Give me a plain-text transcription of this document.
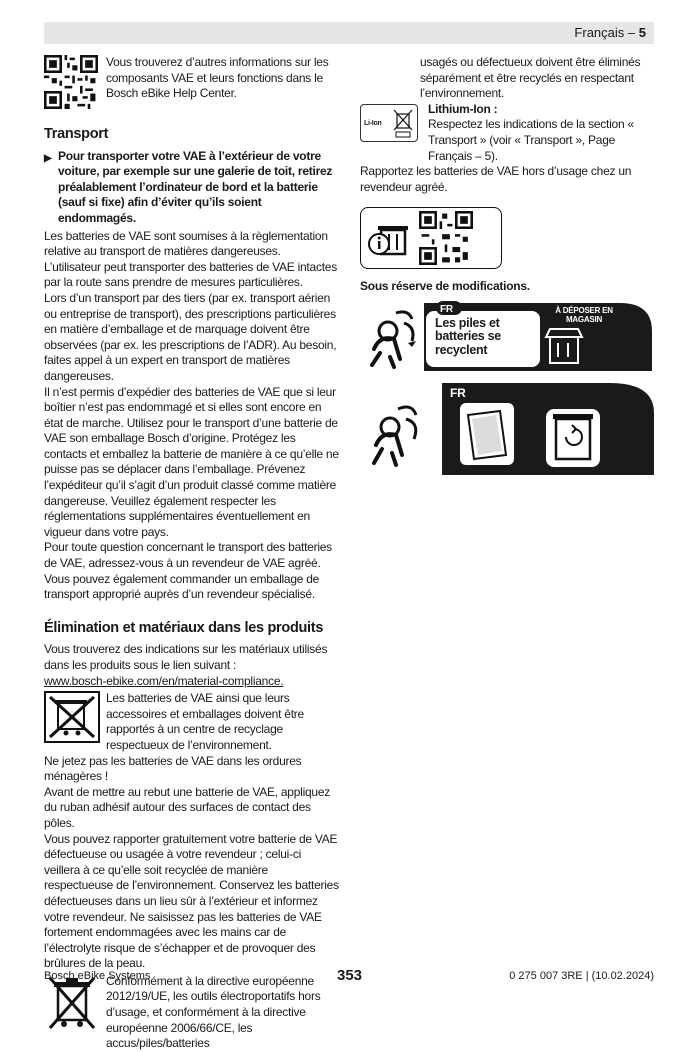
Français – 5

Vous trouverez d’autres informations sur les composants VAE et leurs fonctions dans le Bosch eBike Help Center.

Transport
▶ Pour transporter votre VAE à l’extérieur de votre voiture, par exemple sur une galerie de toit, retirez préalablement l’ordinateur de bord et la batterie (sauf si fixe) afin d’éviter qu’ils soient endommagés.

Les batteries de VAE sont soumises à la règlementation relative au transport de matières dangereuses. L’utilisateur peut transporter des batteries de VAE intactes par la route sans prendre de mesures particulières.

Lors d’un transport par des tiers (par ex. transport aérien ou entreprise de transport), des prescriptions particulières en matière d’emballage et de marquage doivent être observées (par ex. les prescriptions de l’ADR). Au besoin, faites appel à un expert en transport de matières dangereuses.

Il n’est permis d’expédier des batteries de VAE que si leur boîtier n’est pas endommagé et si elles sont encore en état de marche. Utilisez pour le transport d’une batterie de VAE son emballage Bosch d’origine. Protégez les contacts et emballez la batterie de manière à ce qu’elle ne puisse pas se déplacer dans l’emballage. Prévenez l’expéditeur qu’il s’agit d’un produit classé comme matière dangereuse. Veuillez également respecter les réglementations supplémentaires éventuellement en vigueur dans votre pays.

Pour toute question concernant le transport des batteries de VAE, adressez-vous à un revendeur de VAE agréé. Vous pouvez également commander un emballage de transport approprié auprès d’un revendeur spécialisé.

Élimination et matériaux dans les produits

Vous trouverez des indications sur les matériaux utilisés dans les produits sous le lien suivant :

www.bosch-ebike.com/en/material-compliance.

Les batteries de VAE ainsi que leurs accessoires et emballages doivent être rapportés à un centre de recyclage respectueux de l’environnement.

Ne jetez pas les batteries de VAE dans les ordures ménagères !

Avant de mettre au rebut une batterie de VAE, appliquez du ruban adhésif autour des surfaces de contact des pôles.

Vous pouvez rapporter gratuitement votre batterie de VAE défectueuse ou usagée à votre revendeur ; celui-ci veillera à ce qu’elle soit recyclée de manière respectueuse de l’environnement. Conservez les batteries défectueuses dans un lieu sûr à l’extérieur et informez votre revendeur. Ne saisissez pas les batteries de VAE fortement endommagées avec les mains car de l’électrolyte risque de s’échapper et de provoquer des brûlures de la peau.

Conformément à la directive européenne 2012/19/UE, les outils électroportatifs hors d’usage, et conformément à la directive européenne 2006/66/CE, les accus/piles/batteries

usagés ou défectueux doivent être éliminés séparément et être recyclés en respectant l’environnement.

Li-Ion

Lithium-Ion :

Respectez les indications de la section « Transport » (voir « Transport », Page Français – 5).

Rapportez les batteries de VAE hors d’usage chez un revendeur agréé.

Sous réserve de modifications.

FR
Les piles et batteries se recyclent
À DÉPOSER EN MAGASIN
FR
Bosch eBike Systems	353	0 275 007 3RE | (10.02.2024)
